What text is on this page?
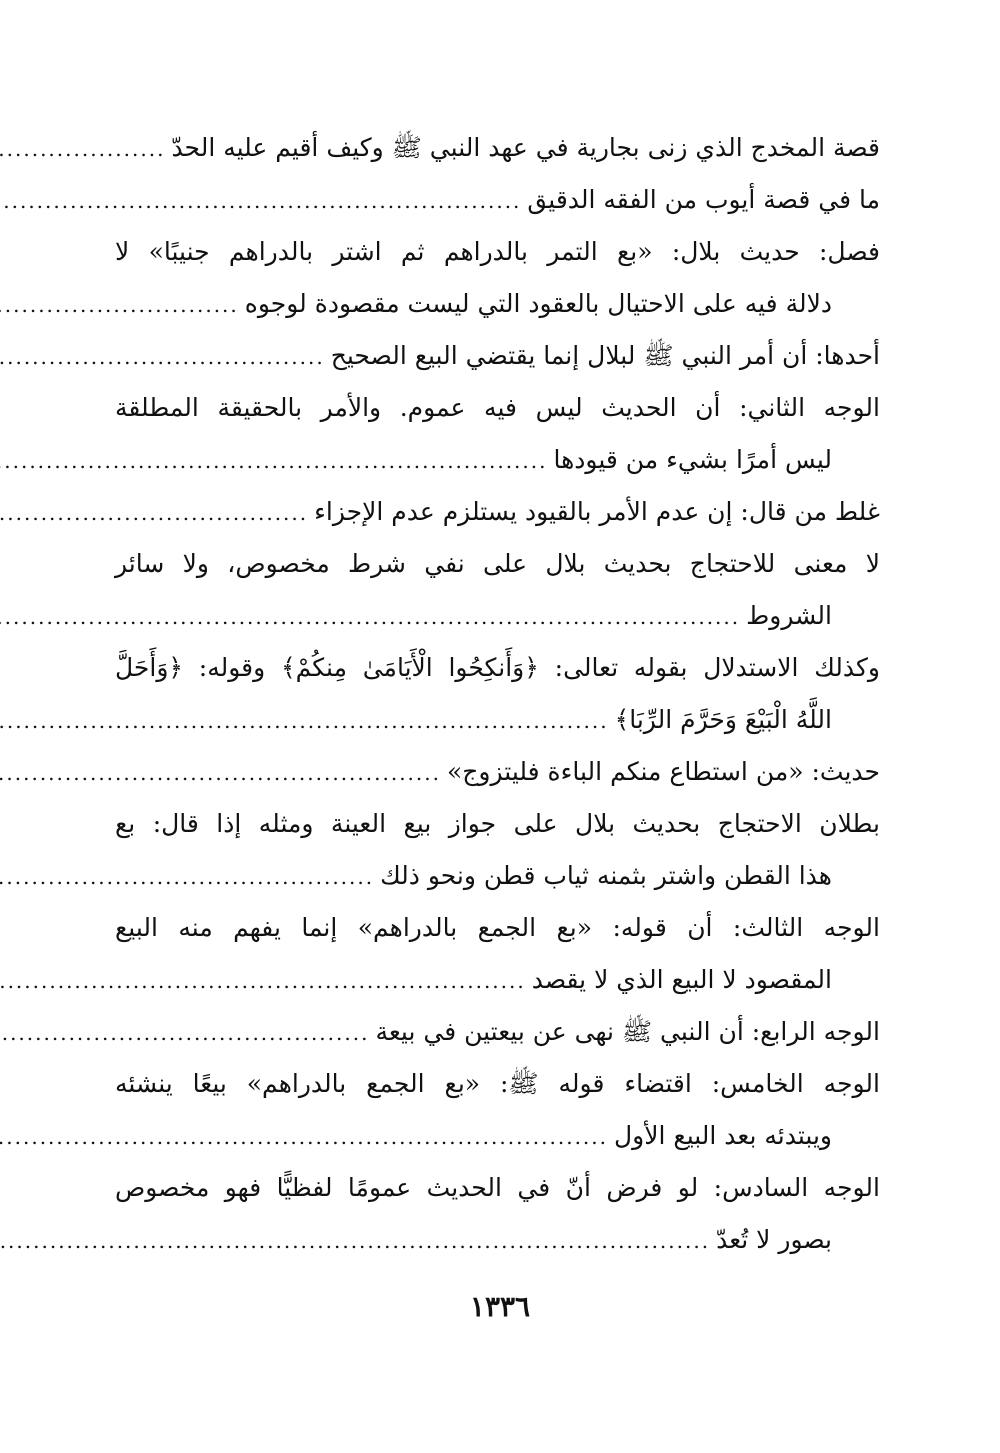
قصة المخدج الذي زنى بجارية في عهد النبي ﷺ وكيف أقيم عليه الحدّ
.....
ما في قصة أيوب من الفقه الدقيق
.....
فصل: حديث بلال: «بع التمر بالدراهم ثم اشتر بالدراهم جنيبًا» لا
دلالة فيه على الاحتيال بالعقود التي ليست مقصودة لوجوه
.....
أحدها: أن أمر النبي ﷺ لبلال إنما يقتضي البيع الصحيح
.....
الوجه الثاني: أن الحديث ليس فيه عموم. والأمر بالحقيقة المطلقة
ليس أمرًا بشيء من قيودها
.....
غلط من قال: إن عدم الأمر بالقيود يستلزم عدم الإجزاء
.....
لا معنى للاحتجاج بحديث بلال على نفي شرط مخصوص، ولا سائر
الشروط
.....
وكذلك الاستدلال بقوله تعالى: ﴿وَأَنكِحُوا الْأَيَامَىٰ مِنكُمْ﴾ وقوله: ﴿وَأَحَلَّ
اللَّهُ الْبَيْعَ وَحَرَّمَ الرِّبَا﴾
.....
حديث: «من استطاع منكم الباءة فليتزوج»
.....
بطلان الاحتجاج بحديث بلال على جواز بيع العينة ومثله إذا قال: بع
هذا القطن واشتر بثمنه ثياب قطن ونحو ذلك
.....
الوجه الثالث: أن قوله: «بع الجمع بالدراهم» إنما يفهم منه البيع
المقصود لا البيع الذي لا يقصد
.....
الوجه الرابع: أن النبي ﷺ نهى عن بيعتين في بيعة
.....
الوجه الخامس: اقتضاء قوله ﷺ: «بع الجمع بالدراهم» بيعًا ينشئه
ويبتدئه بعد البيع الأول
.....
الوجه السادس: لو فرض أنّ في الحديث عمومًا لفظيًّا فهو مخصوص
بصور لا تُعدّ
.....
١٣٣٦
